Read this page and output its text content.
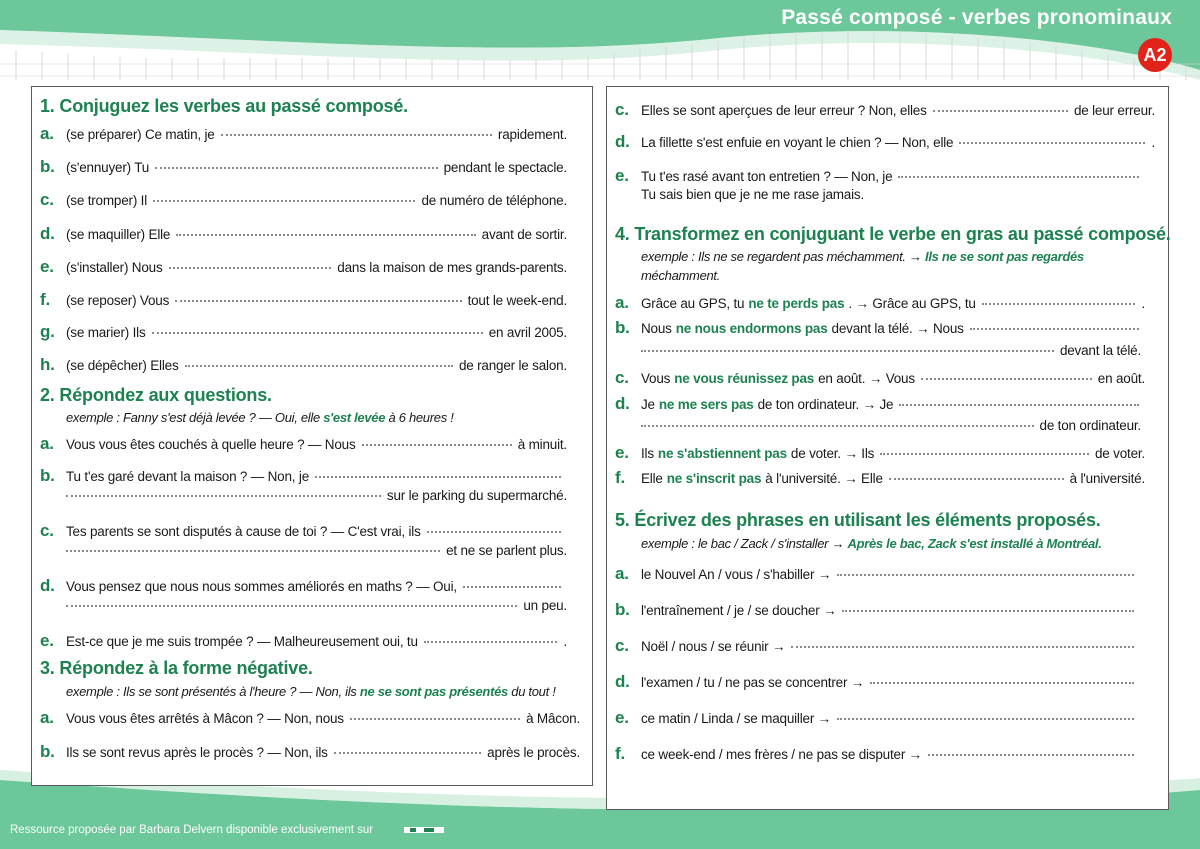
Passé composé - verbes pronominaux
A2
Ressource proposée par Barbara Delvern disponible exclusivement sur
1. Conjuguez les verbes au passé composé.
a. (se préparer) Ce matin, je	rapidement.
b. (s'ennuyer) Tu	pendant le spectacle.
c. (se tromper) Il	de numéro de téléphone.
d. (se maquiller) Elle	avant de sortir.
e. (s'installer) Nous	dans la maison de mes grands-parents.
f.	(se reposer) Vous	tout le week-end.
g. (se marier) Ils	en avril 2005.
h. (se dépêcher) Elles	de ranger le salon.
2. Répondez aux questions.
exemple : Fanny s'est déjà levée ? — Oui, elle s'est levée à 6 heures !
a. Vous vous êtes couchés à quelle heure ? — Nous	à minuit.
b. Tu t'es garé devant la maison ? — Non, je
sur le parking du supermarché.
c. Tes parents se sont disputés à cause de toi ? — C'est vrai, ils
et ne se parlent plus.
d. Vous pensez que nous nous sommes améliorés en maths ? — Oui,
un peu.
e. Est-ce que je me suis trompée ? — Malheureusement oui, tu	.
3. Répondez à la forme négative.
exemple : Ils se sont présentés à l'heure ? — Non, ils ne se sont pas présentés du tout !
a. Vous vous êtes arrêtés à Mâcon ? — Non, nous	à Mâcon.
b. Ils se sont revus après le procès ? — Non, ils	après le procès.
c. Elles se sont aperçues de leur erreur ? Non, elles	de leur erreur.
d. La fillette s'est enfuie en voyant le chien ? — Non, elle	.
e. Tu t'es rasé avant ton entretien ? — Non, je
Tu sais bien que je ne me rase jamais.
4. Transformez en conjuguant le verbe en gras au passé composé.
exemple : Ils ne se regardent pas méchamment. → Ils ne se sont pas regardés
méchamment.
a. Grâce au GPS, tu ne te perds pas . → Grâce au GPS, tu	.
b. Nous ne nous endormons pas devant la télé. → Nous
devant la télé.
c. Vous ne vous réunissez pas en août. → Vous	en août.
d. Je ne me sers pas de ton ordinateur. → Je
de ton ordinateur.
e. Ils ne s'abstiennent pas de voter. → Ils	de voter.
f.	Elle ne s'inscrit pas à l'université. → Elle	à l'université.
5. Écrivez des phrases en utilisant les éléments proposés.
exemple : le bac / Zack / s'installer → Après le bac, Zack s'est installé à Montréal.
a. le Nouvel An / vous / s'habiller →
b. l'entraînement / je / se doucher →
c. Noël / nous / se réunir →
d. l'examen / tu / ne pas se concentrer →
e. ce matin / Linda / se maquiller →
f.	ce week-end / mes frères / ne pas se disputer →
